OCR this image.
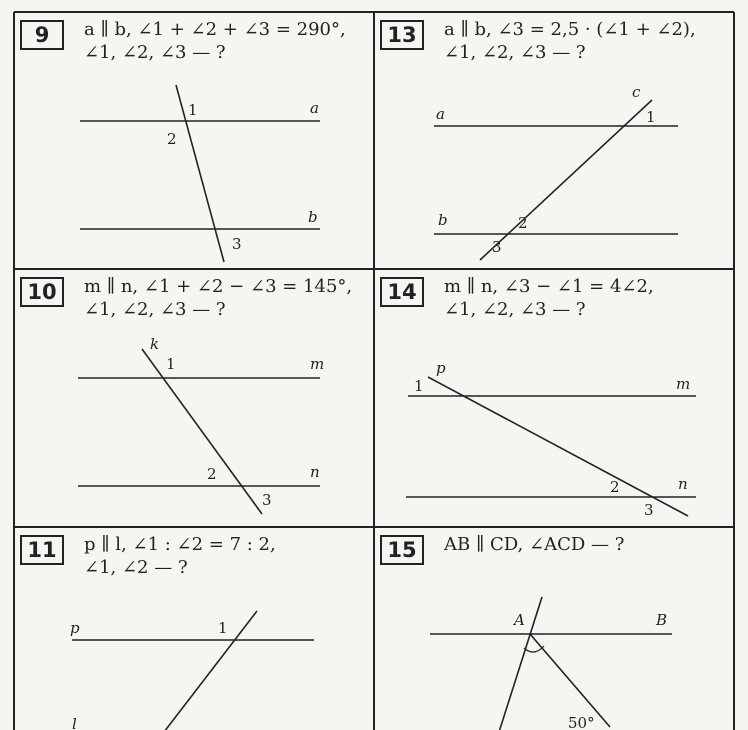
9	a ∥ b, ∠1 + ∠2 + ∠3 = 290°,
∠1, ∠2, ∠3 — ?
a
b
1
2
3
13	a ∥ b, ∠3 = 2,5 · (∠1 + ∠2),
∠1, ∠2, ∠3 — ?
a
b
c
1
2
3
10	m ∥ n, ∠1 + ∠2 − ∠3 = 145°,
∠1, ∠2, ∠3 — ?
k
m
n
1
2
3
14	m ∥ n, ∠3 − ∠1 = 4∠2,
∠1, ∠2, ∠3 — ?
p
m
n
1
2
3
11	p ∥ l, ∠1 : ∠2 = 7 : 2,
∠1, ∠2 — ?
p
l
1
15	AB ∥ CD, ∠ACD — ?
A	B
50°
